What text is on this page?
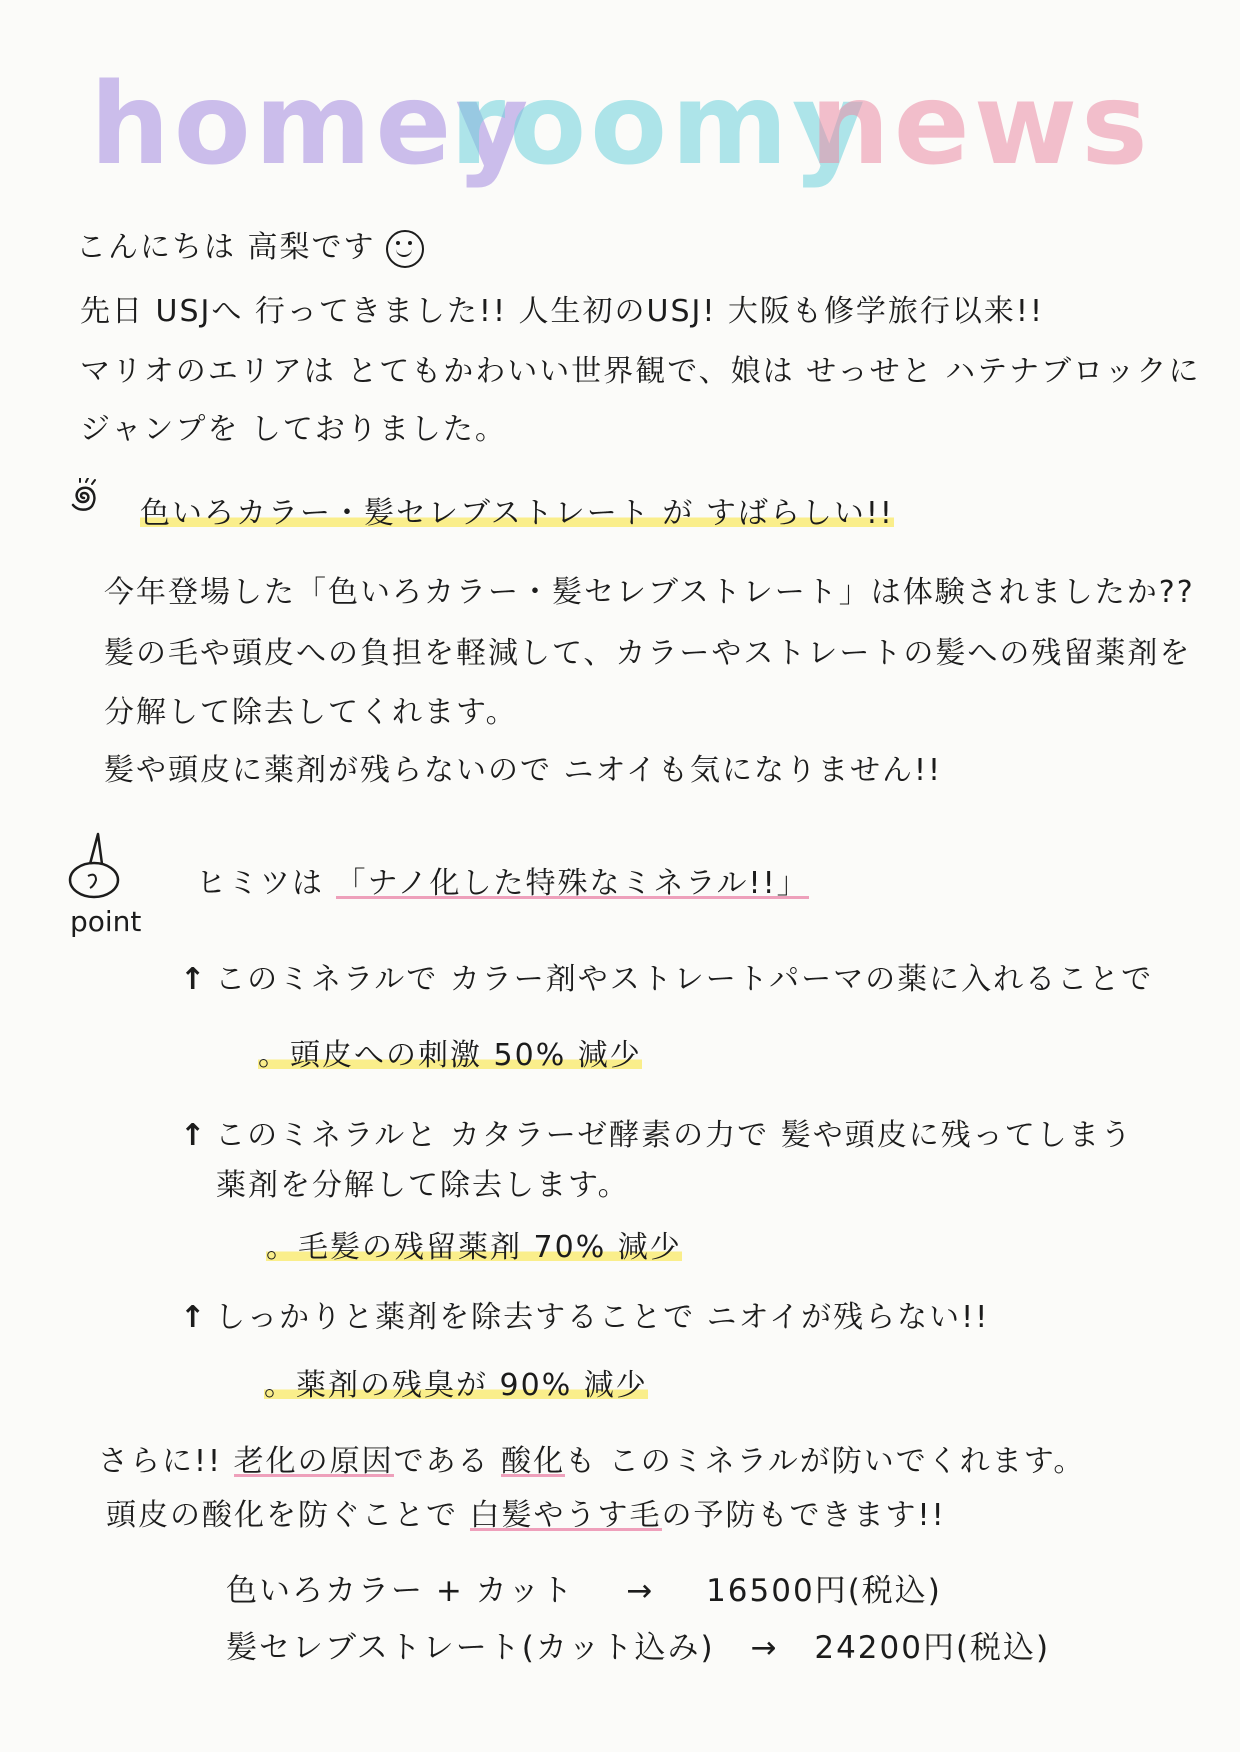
homey
roomy
news
こんにちは 高梨です
先日 USJへ 行ってきました!! 人生初のUSJ! 大阪も修学旅行以来!!
マリオのエリアは とてもかわいい世界観で、娘は せっせと ハテナブロックに
ジャンプを しておりました。
色いろカラー・髪セレブストレート が すばらしい!!
今年登場した「色いろカラー・髪セレブストレート」は体験されましたか??
髪の毛や頭皮への負担を軽減して、カラーやストレートの髪への残留薬剤を
分解して除去してくれます。
髪や頭皮に薬剤が残らないので ニオイも気になりません!!
point
ヒミツは 「ナノ化した特殊なミネラル!!」
↑ このミネラルで カラー剤やストレートパーマの薬に入れることで
。頭皮への刺激 50% 減少
↑ このミネラルと カタラーゼ酵素の力で 髪や頭皮に残ってしまう
薬剤を分解して除去します。
。毛髪の残留薬剤 70% 減少
↑ しっかりと薬剤を除去することで ニオイが残らない!!
。薬剤の残臭が 90% 減少
さらに!! 老化の原因である 酸化も このミネラルが防いでくれます。
頭皮の酸化を防ぐことで 白髪やうす毛の予防もできます!!
色いろカラー + カット → 16500円(税込)
髪セレブストレート(カット込み) → 24200円(税込)
